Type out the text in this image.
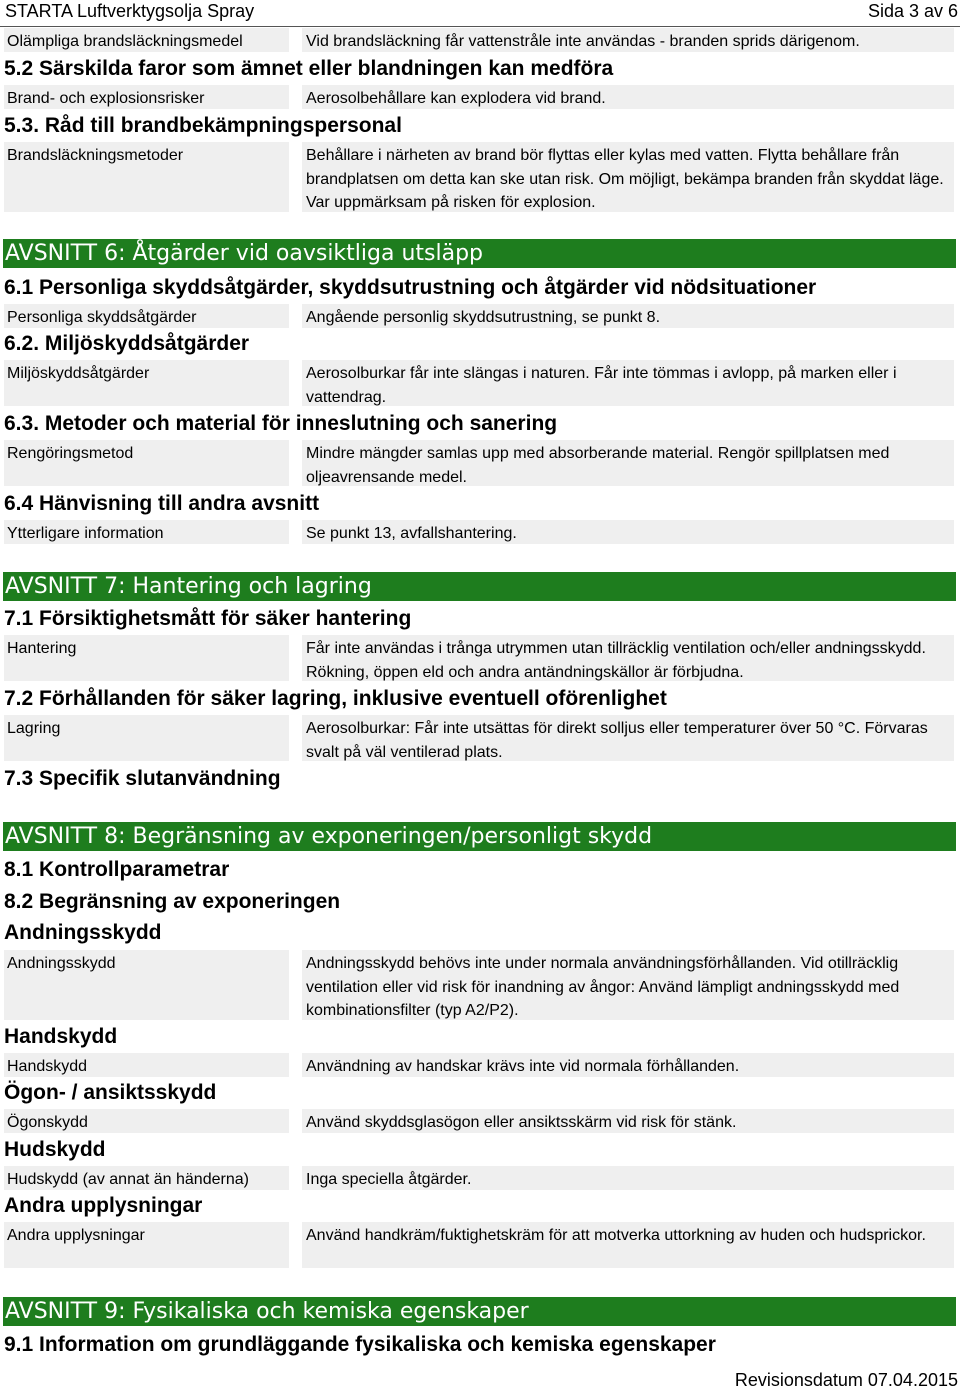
STARTA Luftverktygsolja Spray	Sida 3 av 6
Olämpliga brandsläckningsmedel	Vid brandsläckning får vattenstråle inte användas - branden sprids därigenom.
5.2 Särskilda faror som ämnet eller blandningen kan medföra
Brand- och explosionsrisker	Aerosolbehållare kan explodera vid brand.
5.3. Råd till brandbekämpningspersonal
Brandsläckningsmetoder	Behållare i närheten av brand bör flyttas eller kylas med vatten. Flytta behållare från brandplatsen om detta kan ske utan risk. Om möjligt, bekämpa branden från skyddat läge. Var uppmärksam på risken för explosion.
AVSNITT 6: Åtgärder vid oavsiktliga utsläpp
6.1 Personliga skyddsåtgärder, skyddsutrustning och åtgärder vid nödsituationer
Personliga skyddsåtgärder	Angående personlig skyddsutrustning, se punkt 8.
6.2. Miljöskyddsåtgärder
Miljöskyddsåtgärder	Aerosolburkar får inte slängas i naturen. Får inte tömmas i avlopp, på marken eller i vattendrag.
6.3. Metoder och material för inneslutning och sanering
Rengöringsmetod	Mindre mängder samlas upp med absorberande material. Rengör spillplatsen med oljeavrensande medel.
6.4 Hänvisning till andra avsnitt
Ytterligare information	Se punkt 13, avfallshantering.
AVSNITT 7: Hantering och lagring
7.1 Försiktighetsmått för säker hantering
Hantering	Får inte användas i trånga utrymmen utan tillräcklig ventilation och/eller andningsskydd. Rökning, öppen eld och andra antändningskällor är förbjudna.
7.2 Förhållanden för säker lagring, inklusive eventuell oförenlighet
Lagring	Aerosolburkar: Får inte utsättas för direkt solljus eller temperaturer över 50 °C. Förvaras svalt på väl ventilerad plats.
7.3 Specifik slutanvändning
AVSNITT 8: Begränsning av exponeringen/personligt skydd
8.1 Kontrollparametrar
8.2 Begränsning av exponeringen
Andningsskydd
Andningsskydd	Andningsskydd behövs inte under normala användningsförhållanden. Vid otillräcklig ventilation eller vid risk för inandning av ångor: Använd lämpligt andningsskydd med kombinationsfilter (typ A2/P2).
Handskydd
Handskydd	Användning av handskar krävs inte vid normala förhållanden.
Ögon- / ansiktsskydd
Ögonskydd	Använd skyddsglasögon eller ansiktsskärm vid risk för stänk.
Hudskydd
Hudskydd (av annat än händerna)	Inga speciella åtgärder.
Andra upplysningar
Andra upplysningar	Använd handkräm/fuktighetskräm för att motverka uttorkning av huden och hudsprickor.
AVSNITT 9: Fysikaliska och kemiska egenskaper
9.1 Information om grundläggande fysikaliska och kemiska egenskaper
Revisionsdatum 07.04.2015
